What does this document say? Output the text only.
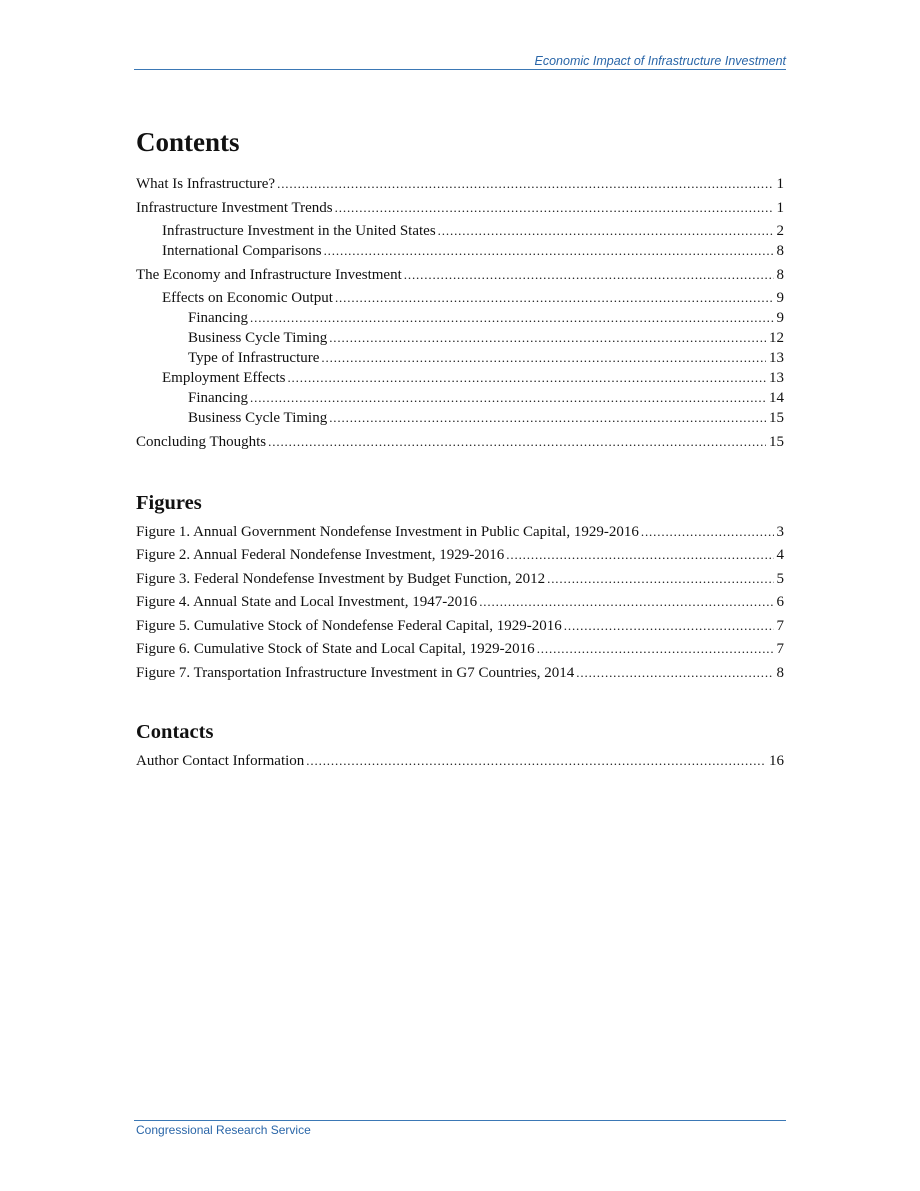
Economic Impact of Infrastructure Investment
Contents
What Is Infrastructure? . . .	1
Infrastructure Investment Trends . . .	1
Infrastructure Investment in the United States . . .	2
International Comparisons . . .	8
The Economy and Infrastructure Investment . . .	8
Effects on Economic Output . . .	9
Financing . . .	9
Business Cycle Timing . . .	12
Type of Infrastructure . . .	13
Employment Effects . . .	13
Financing . . .	14
Business Cycle Timing . . .	15
Concluding Thoughts . . .	15
Figures
Figure 1. Annual Government Nondefense Investment in Public Capital, 1929-2016 . . .	3
Figure 2. Annual Federal Nondefense Investment, 1929-2016 . . .	4
Figure 3. Federal Nondefense Investment by Budget Function, 2012 . . .	5
Figure 4. Annual State and Local Investment, 1947-2016 . . .	6
Figure 5. Cumulative Stock of Nondefense Federal Capital, 1929-2016 . . .	7
Figure 6. Cumulative Stock of State and Local Capital, 1929-2016 . . .	7
Figure 7. Transportation Infrastructure Investment in G7 Countries, 2014 . . .	8
Contacts
Author Contact Information . . .	16
Congressional Research Service
